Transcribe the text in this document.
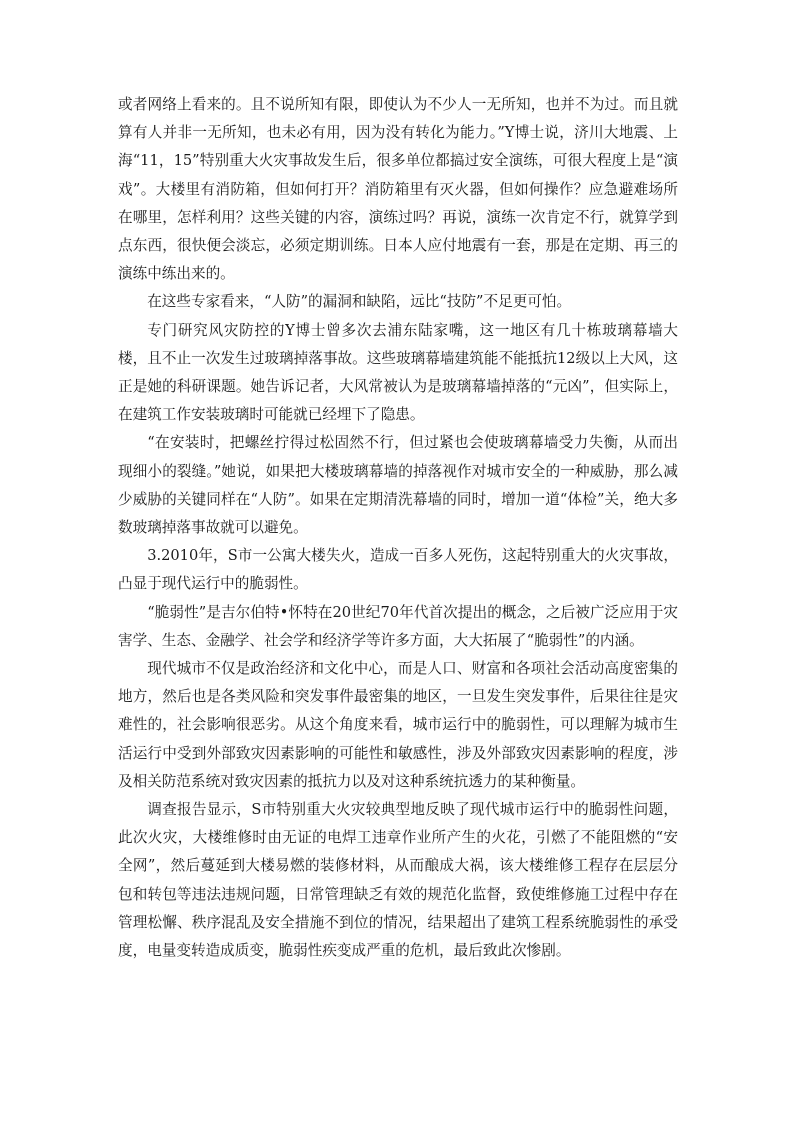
或者网络上看来的。且不说所知有限，即使认为不少人一无所知，也并不为过。而且就算有人并非一无所知，也未必有用，因为没有转化为能力。”Y博士说，济川大地震、上海“11，15”特别重大火灾事故发生后，很多单位都搞过安全演练，可很大程度上是“演戏”。大楼里有消防箱，但如何打开？消防箱里有灭火器，但如何操作？应急避难场所在哪里，怎样利用？这些关键的内容，演练过吗？再说，演练一次肯定不行，就算学到点东西，很快便会淡忘，必须定期训练。日本人应付地震有一套，那是在定期、再三的演练中练出来的。

在这些专家看来，“人防”的漏洞和缺陷，远比“技防”不足更可怕。

专门研究风灾防控的Y博士曾多次去浦东陆家嘴，这一地区有几十栋玻璃幕墙大楼，且不止一次发生过玻璃掉落事故。这些玻璃幕墙建筑能不能抵抗12级以上大风，这正是她的科研课题。她告诉记者，大风常被认为是玻璃幕墙掉落的“元凶”，但实际上，在建筑工作安装玻璃时可能就已经埋下了隐患。

“在安装时，把螺丝拧得过松固然不行，但过紧也会使玻璃幕墙受力失衡，从而出现细小的裂缝。”她说，如果把大楼玻璃幕墙的掉落视作对城市安全的一种威胁，那么减少威胁的关键同样在“人防”。如果在定期清洗幕墙的同时，增加一道“体检”关，绝大多数玻璃掉落事故就可以避免。

3.2010年，S市一公寓大楼失火，造成一百多人死伤，这起特别重大的火灾事故，凸显于现代运行中的脆弱性。

“脆弱性”是吉尔伯特•怀特在20世纪70年代首次提出的概念，之后被广泛应用于灾害学、生态、金融学、社会学和经济学等许多方面，大大拓展了“脆弱性”的内涵。

现代城市不仅是政治经济和文化中心，而是人口、财富和各项社会活动高度密集的地方，然后也是各类风险和突发事件最密集的地区，一旦发生突发事件，后果往往是灾难性的，社会影响很恶劣。从这个角度来看，城市运行中的脆弱性，可以理解为城市生活运行中受到外部致灾因素影响的可能性和敏感性，涉及外部致灾因素影响的程度，涉及相关防范系统对致灾因素的抵抗力以及对这种系统抗透力的某种衡量。

调查报告显示，S市特别重大火灾较典型地反映了现代城市运行中的脆弱性问题，此次火灾，大楼维修时由无证的电焊工违章作业所产生的火花，引燃了不能阻燃的“安全网”，然后蔓延到大楼易燃的装修材料，从而酿成大祸，该大楼维修工程存在层层分包和转包等违法违规问题，日常管理缺乏有效的规范化监督，致使维修施工过程中存在管理松懈、秩序混乱及安全措施不到位的情况，结果超出了建筑工程系统脆弱性的承受度，电量变转造成质变，脆弱性疾变成严重的危机，最后致此次惨剧。
